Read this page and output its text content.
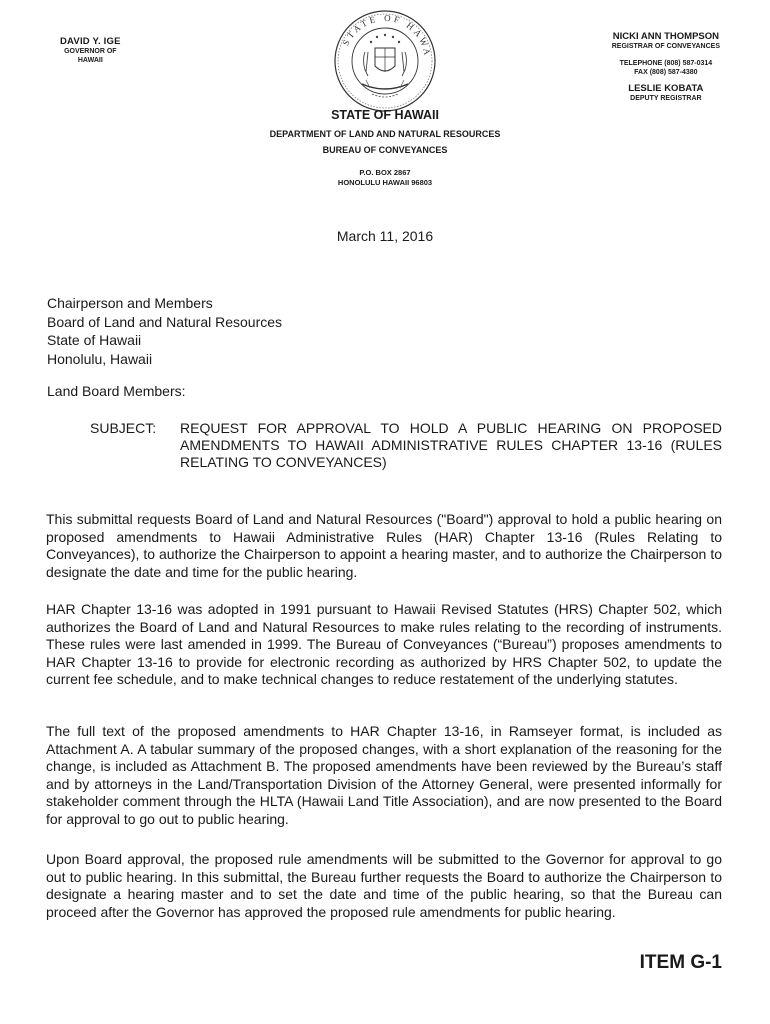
DAVID Y. IGE
GOVERNOR OF
HAWAII
STATE OF HAWA
NICKI ANN THOMPSON
REGISTRAR OF CONVEYANCES
TELEPHONE (808) 587-0314
FAX (808) 587-4380
LESLIE KOBATA
DEPUTY REGISTRAR
STATE OF HAWAII
DEPARTMENT OF LAND AND NATURAL RESOURCES
BUREAU OF CONVEYANCES
P.O. BOX 2867
HONOLULU HAWAII 96803
March 11, 2016
Chairperson and Members
Board of Land and Natural Resources
State of Hawaii
Honolulu, Hawaii
Land Board Members:
SUBJECT: REQUEST FOR APPROVAL TO HOLD A PUBLIC HEARING ON PROPOSED AMENDMENTS TO HAWAII ADMINISTRATIVE RULES CHAPTER 13-16 (RULES RELATING TO CONVEYANCES)
This submittal requests Board of Land and Natural Resources ("Board") approval to hold a public hearing on proposed amendments to Hawaii Administrative Rules (HAR) Chapter 13-16 (Rules Relating to Conveyances), to authorize the Chairperson to appoint a hearing master, and to authorize the Chairperson to designate the date and time for the public hearing.
HAR Chapter 13-16 was adopted in 1991 pursuant to Hawaii Revised Statutes (HRS) Chapter 502, which authorizes the Board of Land and Natural Resources to make rules relating to the recording of instruments. These rules were last amended in 1999. The Bureau of Conveyances (“Bureau”) proposes amendments to HAR Chapter 13-16 to provide for electronic recording as authorized by HRS Chapter 502, to update the current fee schedule, and to make technical changes to reduce restatement of the underlying statutes.
The full text of the proposed amendments to HAR Chapter 13-16, in Ramseyer format, is included as Attachment A. A tabular summary of the proposed changes, with a short explanation of the reasoning for the change, is included as Attachment B. The proposed amendments have been reviewed by the Bureau’s staff and by attorneys in the Land/Transportation Division of the Attorney General, were presented informally for stakeholder comment through the HLTA (Hawaii Land Title Association), and are now presented to the Board for approval to go out to public hearing.
Upon Board approval, the proposed rule amendments will be submitted to the Governor for approval to go out to public hearing. In this submittal, the Bureau further requests the Board to authorize the Chairperson to designate a hearing master and to set the date and time of the public hearing, so that the Bureau can proceed after the Governor has approved the proposed rule amendments for public hearing.
ITEM G-1
